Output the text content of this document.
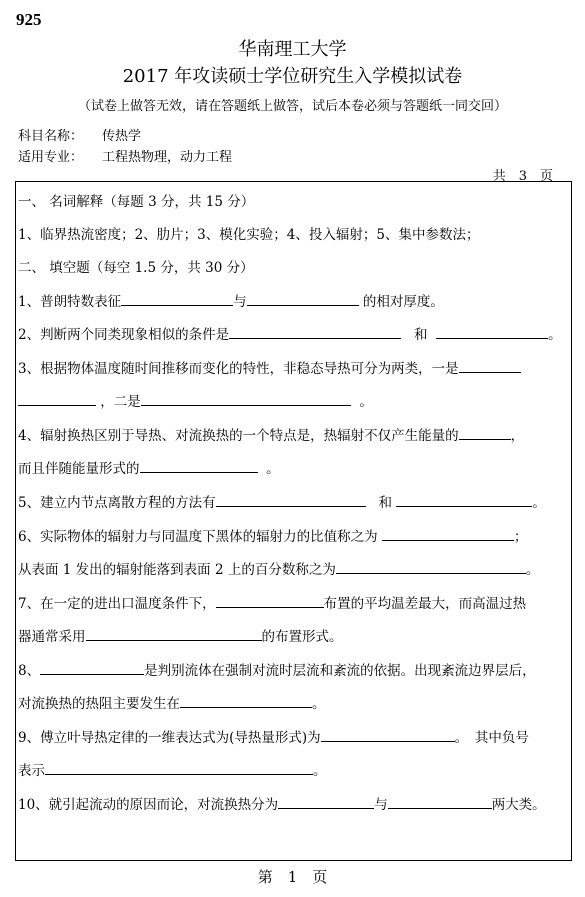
925
华南理工大学
2017 年攻读硕士学位研究生入学模拟试卷
（试卷上做答无效，请在答题纸上做答，试后本卷必须与答题纸一同交回）
科目名称： 传热学
适用专业： 工程热物理，动力工程
共　3　页
一、 名词解释（每题 3 分，共 15 分）
1、临界热流密度；2、肋片；3、模化实验；4、投入辐射；5、集中参数法；
二、 填空题（每空 1.5 分，共 30 分）
1、普朗特数表征	与	的相对厚度。
2、判断两个同类现象相似的条件是	和	。
3、根据物体温度随时间推移而变化的特性，非稳态导热可分为两类，一是
，二是	。
4、辐射换热区别于导热、对流换热的一个特点是，热辐射不仅产生能量的	，
而且伴随能量形式的	。
5、建立内节点离散方程的方法有	和	。
6、实际物体的辐射力与同温度下黑体的辐射力的比值称之为	；
从表面 1 发出的辐射能落到表面 2 上的百分数称之为	。
7、在一定的进出口温度条件下，	布置的平均温差最大，而高温过热
器通常采用	的布置形式。
8、	是判别流体在强制对流时层流和紊流的依据。出现紊流边界层后，
对流换热的热阻主要发生在	。
9、傅立叶导热定律的一维表达式为(导热量形式)为	。　其中负号
表示	。
10、就引起流动的原因而论，对流换热分为	与	两大类。
第　1　页
